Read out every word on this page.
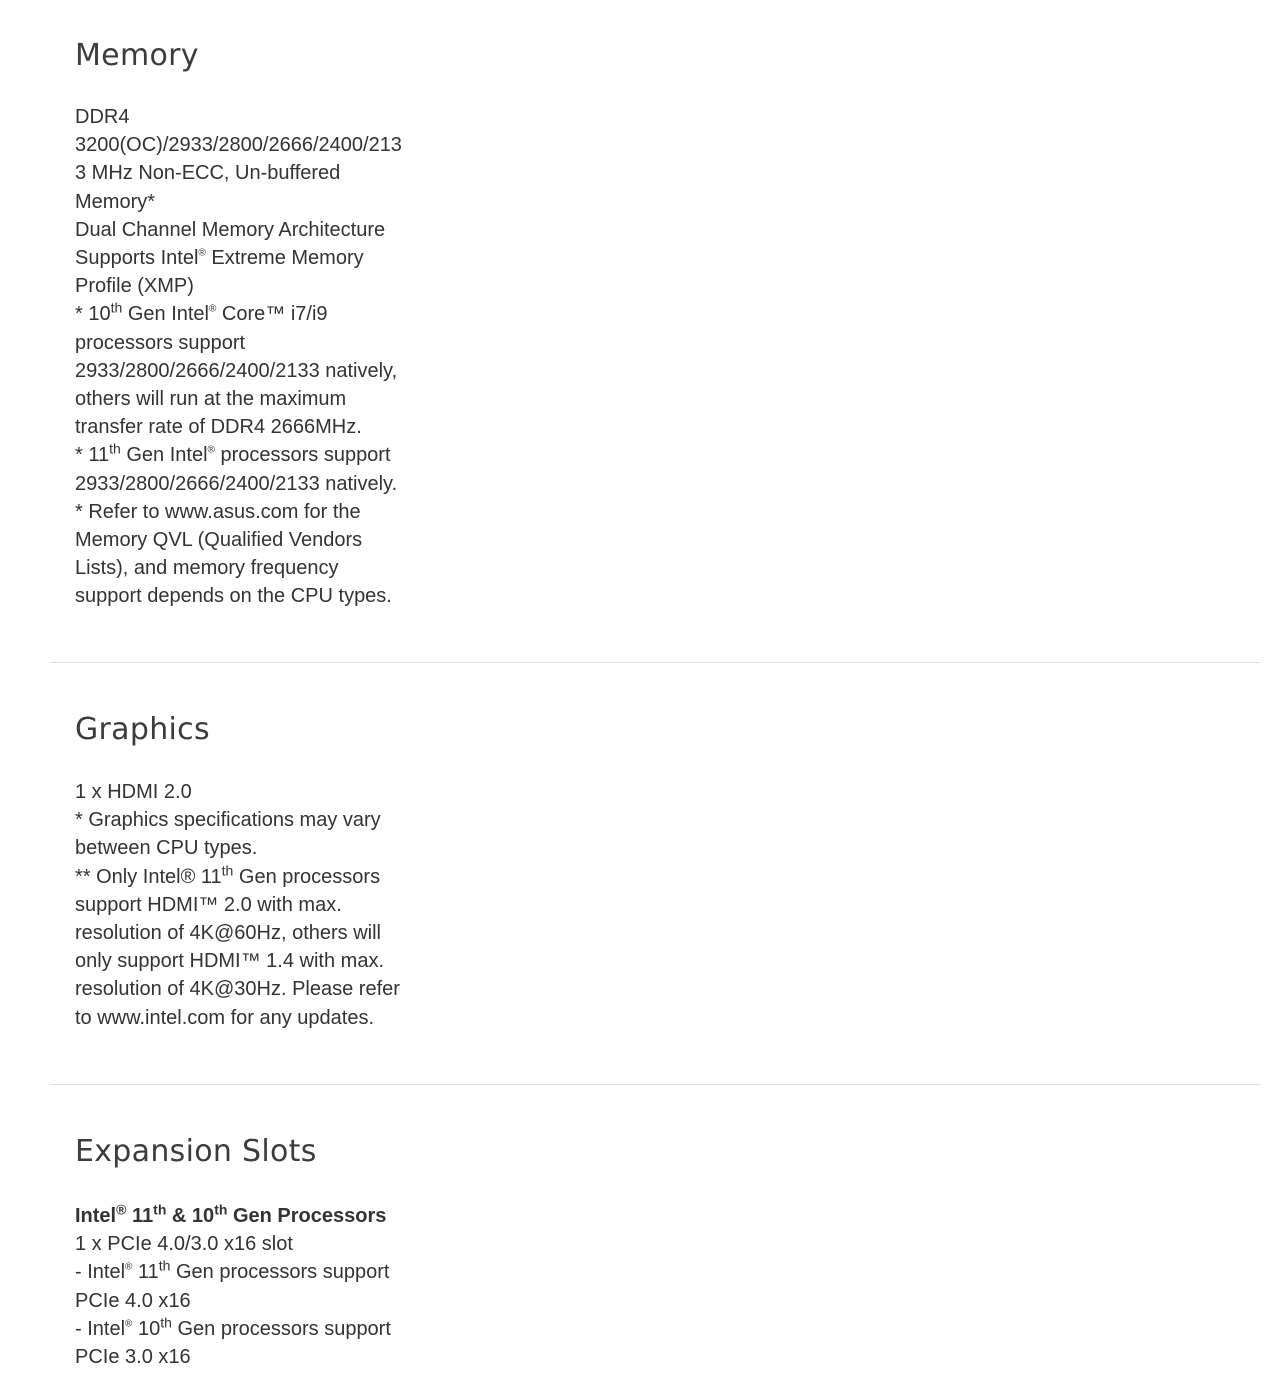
Memory
DDR4
3200(OC)/2933/2800/2666/2400/213
3 MHz Non-ECC, Un-buffered
Memory*
Dual Channel Memory Architecture
Supports Intel® Extreme Memory
Profile (XMP)
* 10th Gen Intel® Core™ i7/i9
processors support
2933/2800/2666/2400/2133 natively,
others will run at the maximum
transfer rate of DDR4 2666MHz.
* 11th Gen Intel® processors support
2933/2800/2666/2400/2133 natively.
* Refer to www.asus.com for the
Memory QVL (Qualified Vendors
Lists), and memory frequency
support depends on the CPU types.
Graphics
1 x HDMI 2.0
* Graphics specifications may vary
between CPU types.
** Only Intel® 11th Gen processors
support HDMI™ 2.0 with max.
resolution of 4K@60Hz, others will
only support HDMI™ 1.4 with max.
resolution of 4K@30Hz. Please refer
to www.intel.com for any updates.
Expansion Slots
Intel® 11th & 10th Gen Processors
1 x PCIe 4.0/3.0 x16 slot
- Intel® 11th Gen processors support
PCIe 4.0 x16
- Intel® 10th Gen processors support
PCIe 3.0 x16
